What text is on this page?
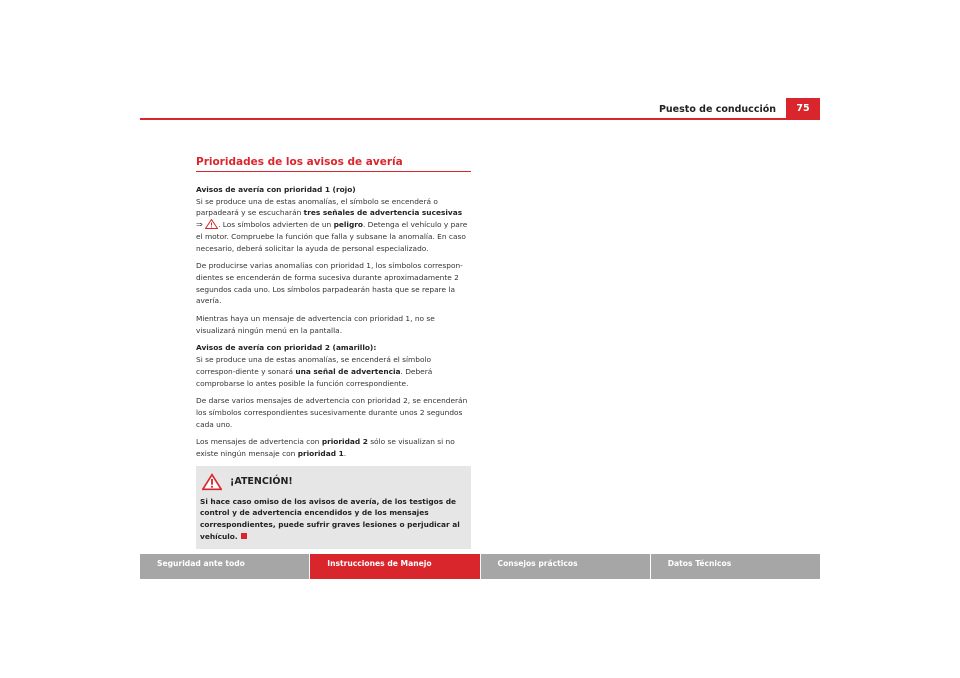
Puesto de conducción	75
Prioridades de los avisos de avería
Avisos de avería con prioridad 1 (rojo)
Si se produce una de estas anomalías, el símbolo se encenderá o parpadeará y se escucharán tres señales de advertencia sucesivas ⇒ . Los símbolos advierten de un peligro. Detenga el vehículo y pare el motor. Compruebe la función que falla y subsane la anomalía. En caso necesario, deberá solicitar la ayuda de personal especializado.
De producirse varias anomalías con prioridad 1, los símbolos correspon-dientes se encenderán de forma sucesiva durante aproximadamente 2 segundos cada uno. Los símbolos parpadearán hasta que se repare la avería.
Mientras haya un mensaje de advertencia con prioridad 1, no se visualizará ningún menú en la pantalla.
Avisos de avería con prioridad 2 (amarillo):
Si se produce una de estas anomalías, se encenderá el símbolo correspon-diente y sonará una señal de advertencia. Deberá comprobarse lo antes posible la función correspondiente.
De darse varios mensajes de advertencia con prioridad 2, se encenderán los símbolos correspondientes sucesivamente durante unos 2 segundos cada uno.
Los mensajes de advertencia con prioridad 2 sólo se visualizan si no existe ningún mensaje con prioridad 1.
¡ATENCIÓN!
Si hace caso omiso de los avisos de avería, de los testigos de control y de advertencia encendidos y de los mensajes correspondientes, puede sufrir graves lesiones o perjudicar al vehículo.
Seguridad ante todo	Instrucciones de Manejo	Consejos prácticos	Datos Técnicos
